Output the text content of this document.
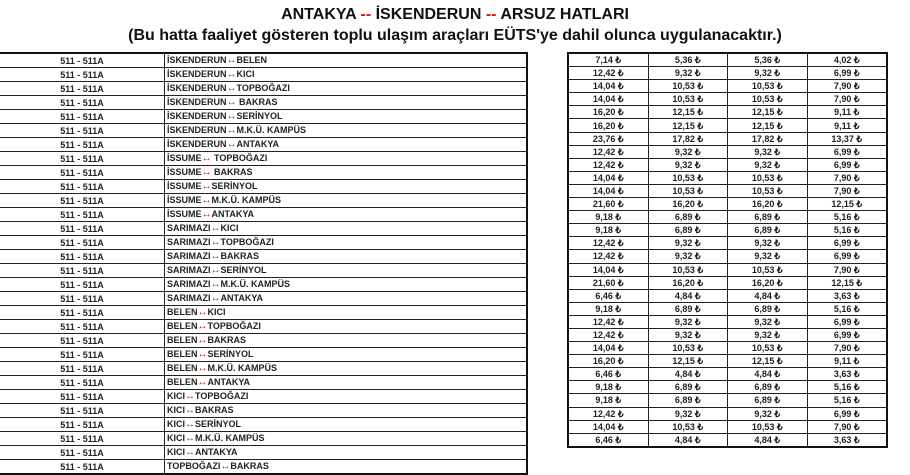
ANTAKYA -- İSKENDERUN -- ARSUZ HATLARI
(Bu hatta faaliyet gösteren toplu ulaşım araçları EÜTS'ye dahil olunca uygulanacaktır.)
511 - 511A	İSKENDERUN↔BELEN
511 - 511A	İSKENDERUN↔KICI
511 - 511A	İSKENDERUN↔TOPBOĞAZI
511 - 511A	İSKENDERUN↔ BAKRAS
511 - 511A	İSKENDERUN↔SERİNYOL
511 - 511A	İSKENDERUN↔M.K.Ü. KAMPÜS
511 - 511A	İSKENDERUN↔ANTAKYA
511 - 511A	İSSUME↔ TOPBOĞAZI
511 - 511A	İSSUME↔ BAKRAS
511 - 511A	İSSUME↔SERİNYOL
511 - 511A	İSSUME↔M.K.Ü. KAMPÜS
511 - 511A	İSSUME↔ANTAKYA
511 - 511A	SARIMAZI↔KICI
511 - 511A	SARIMAZI↔TOPBOĞAZI
511 - 511A	SARIMAZI↔BAKRAS
511 - 511A	SARIMAZI↔SERİNYOL
511 - 511A	SARIMAZI↔M.K.Ü. KAMPÜS
511 - 511A	SARIMAZI↔ANTAKYA
511 - 511A	BELEN↔KICI
511 - 511A	BELEN↔TOPBOĞAZI
511 - 511A	BELEN↔BAKRAS
511 - 511A	BELEN↔SERİNYOL
511 - 511A	BELEN↔M.K.Ü. KAMPÜS
511 - 511A	BELEN↔ANTAKYA
511 - 511A	KICI↔TOPBOĞAZI
511 - 511A	KICI↔BAKRAS
511 - 511A	KICI↔SERİNYOL
511 - 511A	KICI↔M.K.Ü. KAMPÜS
511 - 511A	KICI↔ANTAKYA
511 - 511A	TOPBOĞAZI↔BAKRAS
7,14 ₺	5,36 ₺	5,36 ₺	4,02 ₺
12,42 ₺	9,32 ₺	9,32 ₺	6,99 ₺
14,04 ₺	10,53 ₺	10,53 ₺	7,90 ₺
14,04 ₺	10,53 ₺	10,53 ₺	7,90 ₺
16,20 ₺	12,15 ₺	12,15 ₺	9,11 ₺
16,20 ₺	12,15 ₺	12,15 ₺	9,11 ₺
23,76 ₺	17,82 ₺	17,82 ₺	13,37 ₺
12,42 ₺	9,32 ₺	9,32 ₺	6,99 ₺
12,42 ₺	9,32 ₺	9,32 ₺	6,99 ₺
14,04 ₺	10,53 ₺	10,53 ₺	7,90 ₺
14,04 ₺	10,53 ₺	10,53 ₺	7,90 ₺
21,60 ₺	16,20 ₺	16,20 ₺	12,15 ₺
9,18 ₺	6,89 ₺	6,89 ₺	5,16 ₺
9,18 ₺	6,89 ₺	6,89 ₺	5,16 ₺
12,42 ₺	9,32 ₺	9,32 ₺	6,99 ₺
12,42 ₺	9,32 ₺	9,32 ₺	6,99 ₺
14,04 ₺	10,53 ₺	10,53 ₺	7,90 ₺
21,60 ₺	16,20 ₺	16,20 ₺	12,15 ₺
6,46 ₺	4,84 ₺	4,84 ₺	3,63 ₺
9,18 ₺	6,89 ₺	6,89 ₺	5,16 ₺
12,42 ₺	9,32 ₺	9,32 ₺	6,99 ₺
12,42 ₺	9,32 ₺	9,32 ₺	6,99 ₺
14,04 ₺	10,53 ₺	10,53 ₺	7,90 ₺
16,20 ₺	12,15 ₺	12,15 ₺	9,11 ₺
6,46 ₺	4,84 ₺	4,84 ₺	3,63 ₺
9,18 ₺	6,89 ₺	6,89 ₺	5,16 ₺
9,18 ₺	6,89 ₺	6,89 ₺	5,16 ₺
12,42 ₺	9,32 ₺	9,32 ₺	6,99 ₺
14,04 ₺	10,53 ₺	10,53 ₺	7,90 ₺
6,46 ₺	4,84 ₺	4,84 ₺	3,63 ₺
